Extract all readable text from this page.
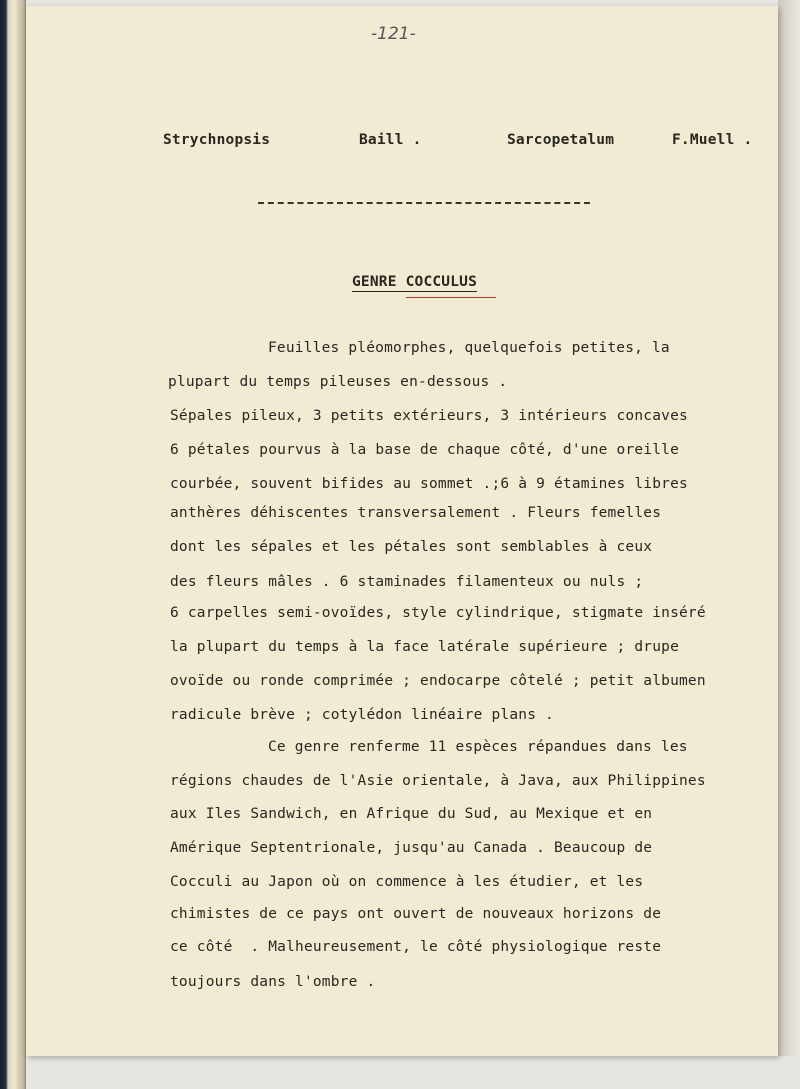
-121-
Strychnopsis	Baill .	Sarcopetalum	F.Muell .
GENRE COCCULUS
Feuilles pléomorphes, quelquefois petites, la
plupart du temps pileuses en-dessous .
Sépales pileux, 3 petits extérieurs, 3 intérieurs concaves
6 pétales pourvus à la base de chaque côté, d'une oreille
courbée, souvent bifides au sommet .;6 à 9 étamines libres
anthères déhiscentes transversalement . Fleurs femelles
dont les sépales et les pétales sont semblables à ceux
des fleurs mâles . 6 staminades filamenteux ou nuls ;
6 carpelles semi-ovoïdes, style cylindrique, stigmate inséré
la plupart du temps à la face latérale supérieure ; drupe
ovoïde ou ronde comprimée ; endocarpe côtelé ; petit albumen
radicule brève ; cotylédon linéaire plans .
Ce genre renferme 11 espèces répandues dans les
régions chaudes de l'Asie orientale, à Java, aux Philippines
aux Iles Sandwich, en Afrique du Sud, au Mexique et en
Amérique Septentrionale, jusqu'au Canada . Beaucoup de
Cocculi au Japon où on commence à les étudier, et les
chimistes de ce pays ont ouvert de nouveaux horizons de
ce côté  . Malheureusement, le côté physiologique reste
toujours dans l'ombre .
